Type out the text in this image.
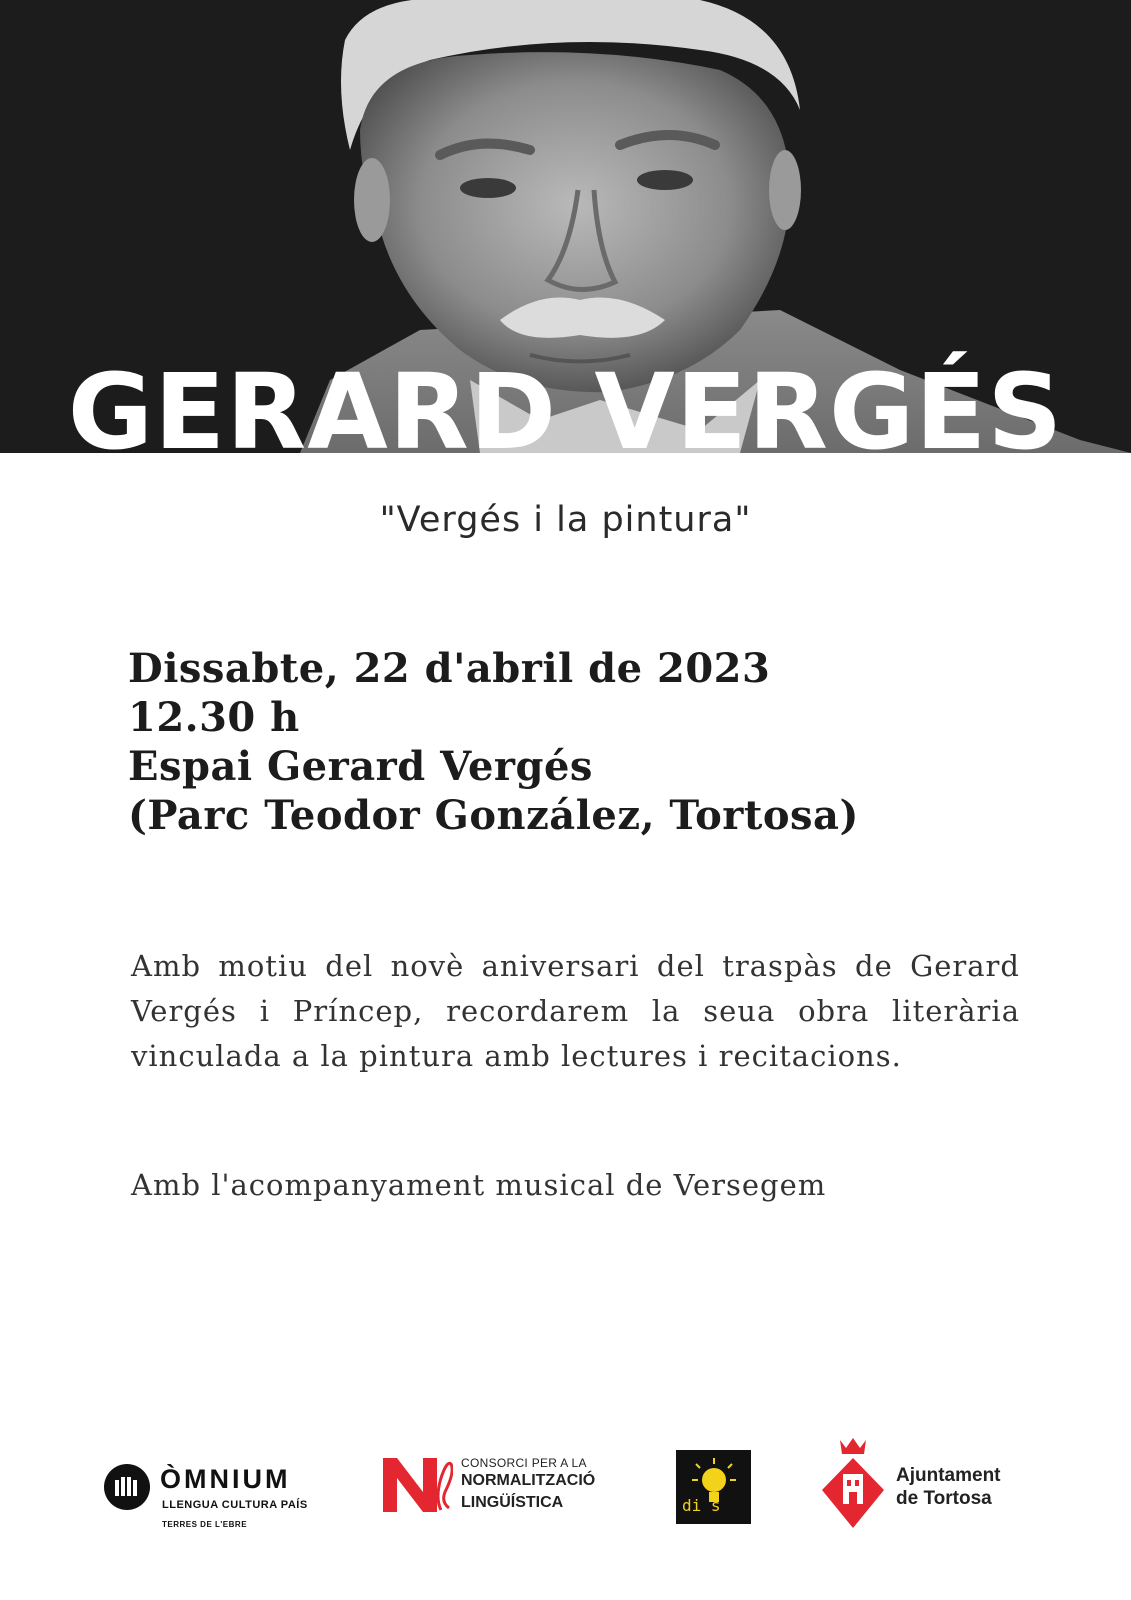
GERARD VERGÉS
"Vergés i la pintura"
Dissabte, 22 d'abril de 2023
12.30 h
Espai Gerard Vergés
(Parc Teodor González, Tortosa)
Amb motiu del novè aniversari del traspàs de Gerard Vergés i Príncep, recordarem la seua obra literària vinculada a la pintura amb lectures i recitacions.
Amb l'acompanyament musical de Versegem
ÒMNIUM
LLENGUA CULTURA PAÍS
TERRES DE L'EBRE
CONSORCI PER A LA
NORMALITZACIÓ
LINGÜÍSTICA	di s
Ajuntament
de Tortosa
